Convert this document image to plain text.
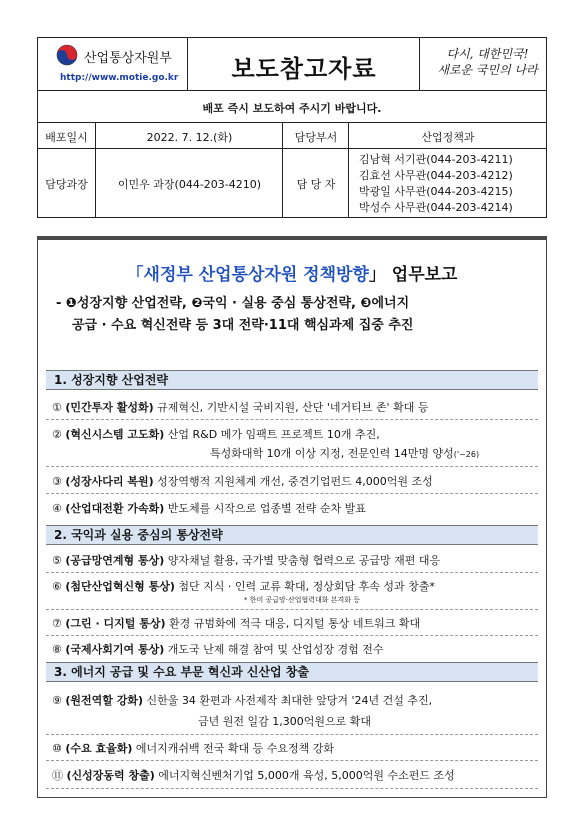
산업통상자원부
http://www.motie.go.kr	보도참고자료
다시, 대한민국!
새로운 국민의 나라
배포 즉시 보도하여 주시기 바랍니다.
배포일시	2022. 7. 12.(화)	담당부서	산업정책과
담당과장	이민우 과장(044-203-4210)	담 당 자
김남혁 서기관(044-203-4211)
김효선 사무관(044-203-4212)
박광일 사무관(044-203-4215)
박성수 사무관(044-203-4214)
「새정부 산업통상자원 정책방향」 업무보고
- ❶성장지향 산업전략, ❷국익 · 실용 중심 통상전략, ❸에너지
공급 · 수요 혁신전략 등 3대 전략·11대 핵심과제 집중 추진
1. 성장지향 산업전략
① (민간투자 활성화) 규제혁신, 기반시설 국비지원, 산단 '네거티브 존' 확대 등
② (혁신시스템 고도화) 산업 R&D 메가 임팩트 프로젝트 10개 추진,
특성화대학 10개 이상 지정, 전문인력 14만명 양성('~26)
③ (성장사다리 복원) 성장역행적 지원체계 개선, 중견기업펀드 4,000억원 조성
④ (산업대전환 가속화) 반도체를 시작으로 업종별 전략 순차 발표
2. 국익과 실용 중심의 통상전략
⑤ (공급망연계형 통상) 양자채널 활용, 국가별 맞춤형 협력으로 공급망 재편 대응
⑥ (첨단산업혁신형 통상) 첨단 지식 · 인력 교류 확대, 정상회담 후속 성과 창출*
* 한미 공급망·산업협력대화 본격화 등
⑦ (그린 · 디지털 통상) 환경 규범화에 적극 대응, 디지털 통상 네트워크 확대
⑧ (국제사회기여 통상) 개도국 난제 해결 참여 및 산업성장 경험 전수
3. 에너지 공급 및 수요 부문 혁신과 신산업 창출
⑨ (원전역할 강화) 신한울 34 환편과 사전제작 최대한 앞당겨 '24년 건설 추진,
금년 원전 일감 1,300억원으로 확대
⑩ (수요 효율화) 에너지캐쉬백 전국 확대 등 수요정책 강화
⑪ (신성장동력 창출) 에너지혁신벤처기업 5,000개 육성, 5,000억원 수소펀드 조성
